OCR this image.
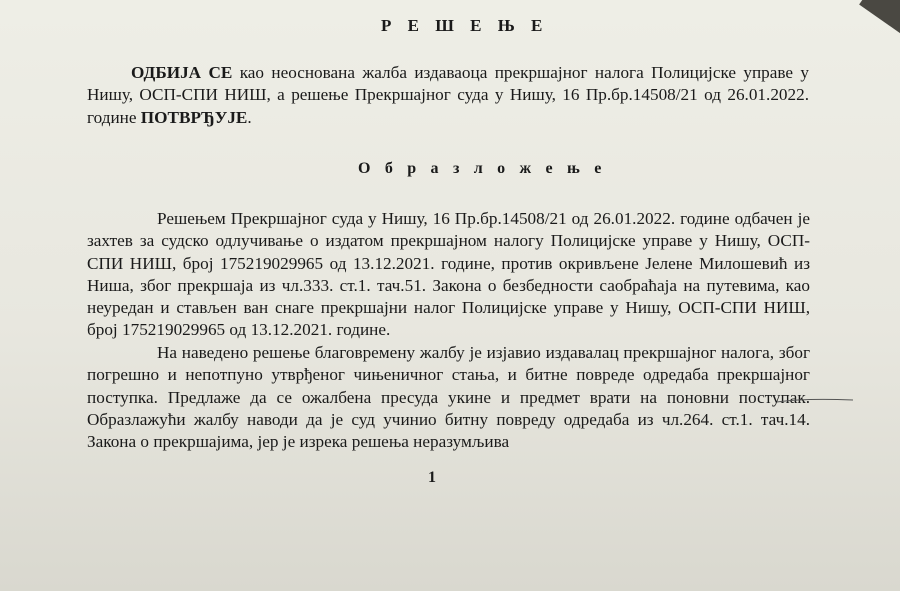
Р Е Ш Е Њ Е
ОДБИЈА СЕ као неоснована жалба издаваоца прекршајног налога Полицијске управе у Нишу, ОСП-СПИ НИШ, а решење Прекршајног суда у Нишу, 16 Пр.бр.14508/21 од 26.01.2022. године ПОТВРЂУЈЕ.
О б р а з л о ж е њ е
Решењем Прекршајног суда у Нишу, 16 Пр.бр.14508/21 од 26.01.2022. године одбачен је захтев за судско одлучивање о издатом прекршајном налогу Полицијске управе у Нишу, ОСП-СПИ НИШ, број 175219029965 од 13.12.2021. године, против окривљене Јелене Милошевић из Ниша, због прекршаја из чл.333. ст.1. тач.51. Закона о безбедности саобраћаја на путевима, као неуредан и стављен ван снаге прекршајни налог Полицијске управе у Нишу, ОСП-СПИ НИШ, број 175219029965 од 13.12.2021. године.
На наведено решење благовремену жалбу је изјавио издавалац прекршајног налога, због погрешно и непотпуно утврђеног чињеничног стања, и битне повреде одредаба прекршајног поступка. Предлаже да се ожалбена пресуда укине и предмет врати на поновни поступак. Образлажући жалбу наводи да је суд учинио битну повреду одредаба из чл.264. ст.1. тач.14. Закона о прекршајима, јер је изрека решења неразумљива
1
